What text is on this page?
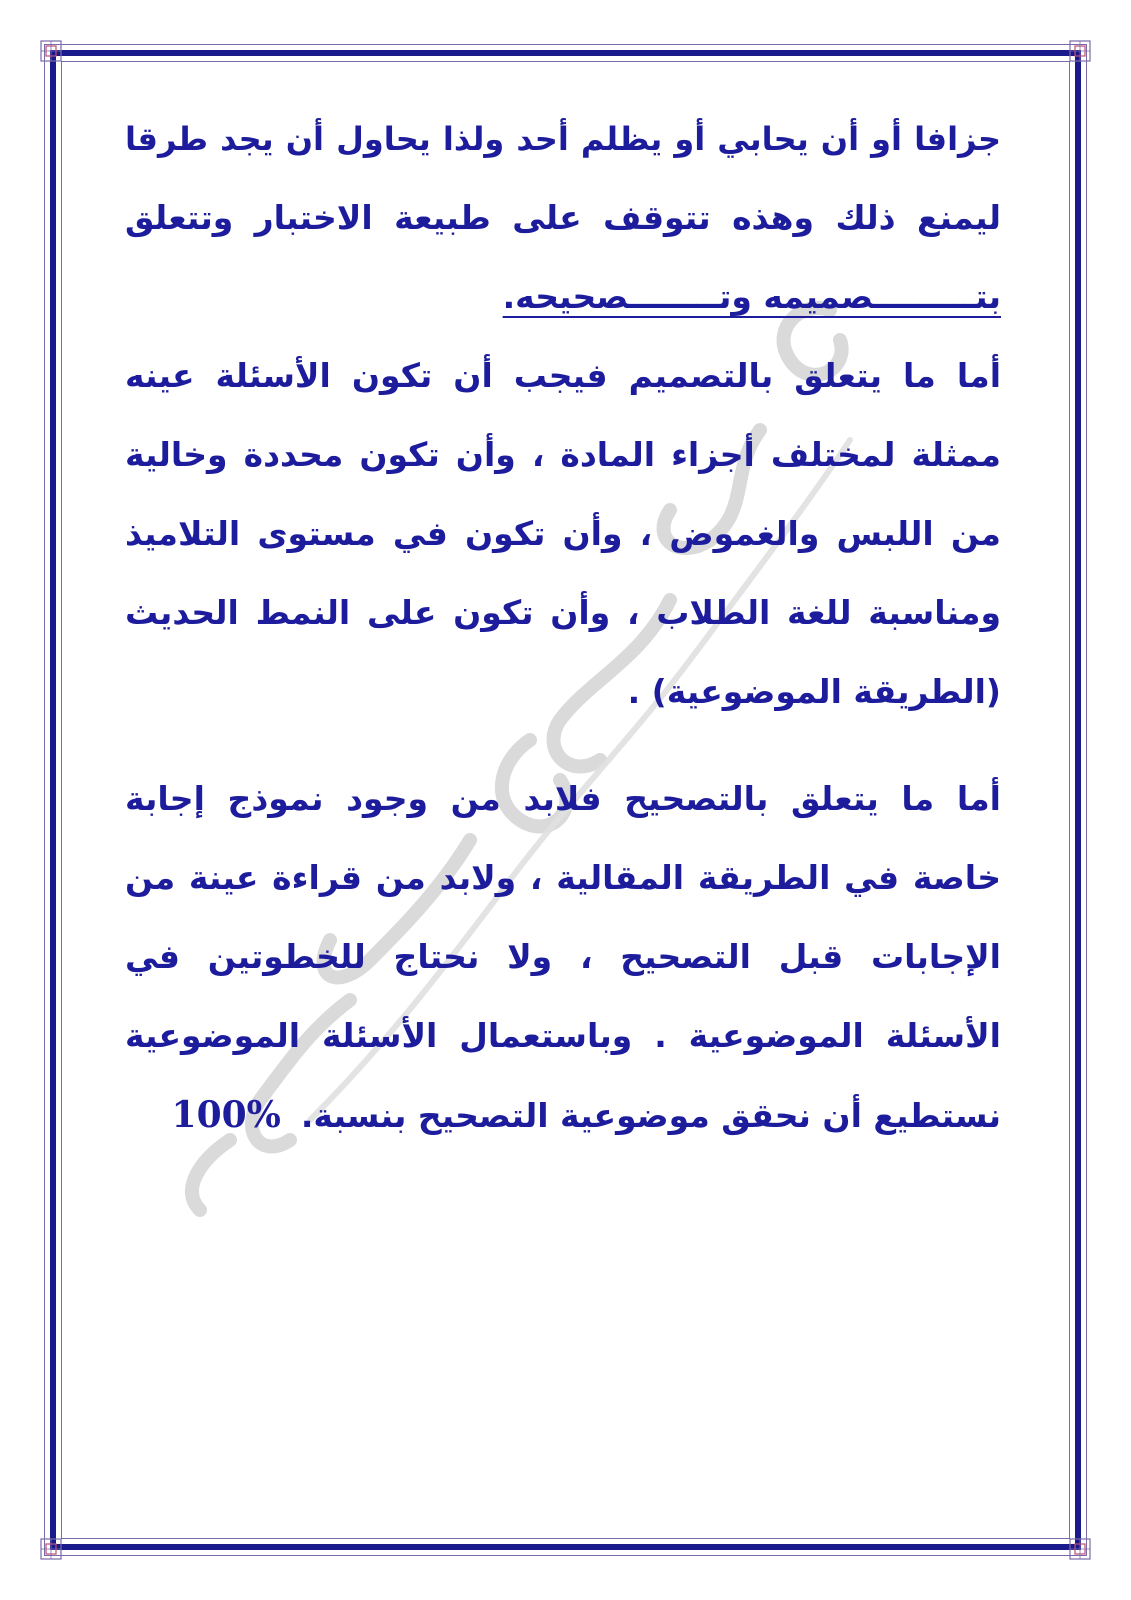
جزافا أو أن يحابي أو يظلم أحد ولذا يحاول أن يجد طرقا
ليمنع ذلك وهذه تتوقف على طبيعة الاختبار وتتعلق
بتـــــــــصميمه وتــــــــصحيحه.
أما ما يتعلق بالتصميم فيجب أن تكون الأسئلة عينه
ممثلة لمختلف أجزاء المادة ، وأن تكون محددة وخالية
من اللبس والغموض ، وأن تكون في مستوى التلاميذ
ومناسبة للغة الطلاب ، وأن تكون على النمط الحديث
(الطريقة الموضوعية) .
أما ما يتعلق بالتصحيح فلابد من وجود نموذج إجابة
خاصة في الطريقة المقالية ، ولابد من قراءة عينة من
الإجابات قبل التصحيح ، ولا نحتاج للخطوتين في
الأسئلة الموضوعية . وباستعمال الأسئلة الموضوعية
نستطيع أن نحقق موضوعية التصحيح بنسبة.100%
